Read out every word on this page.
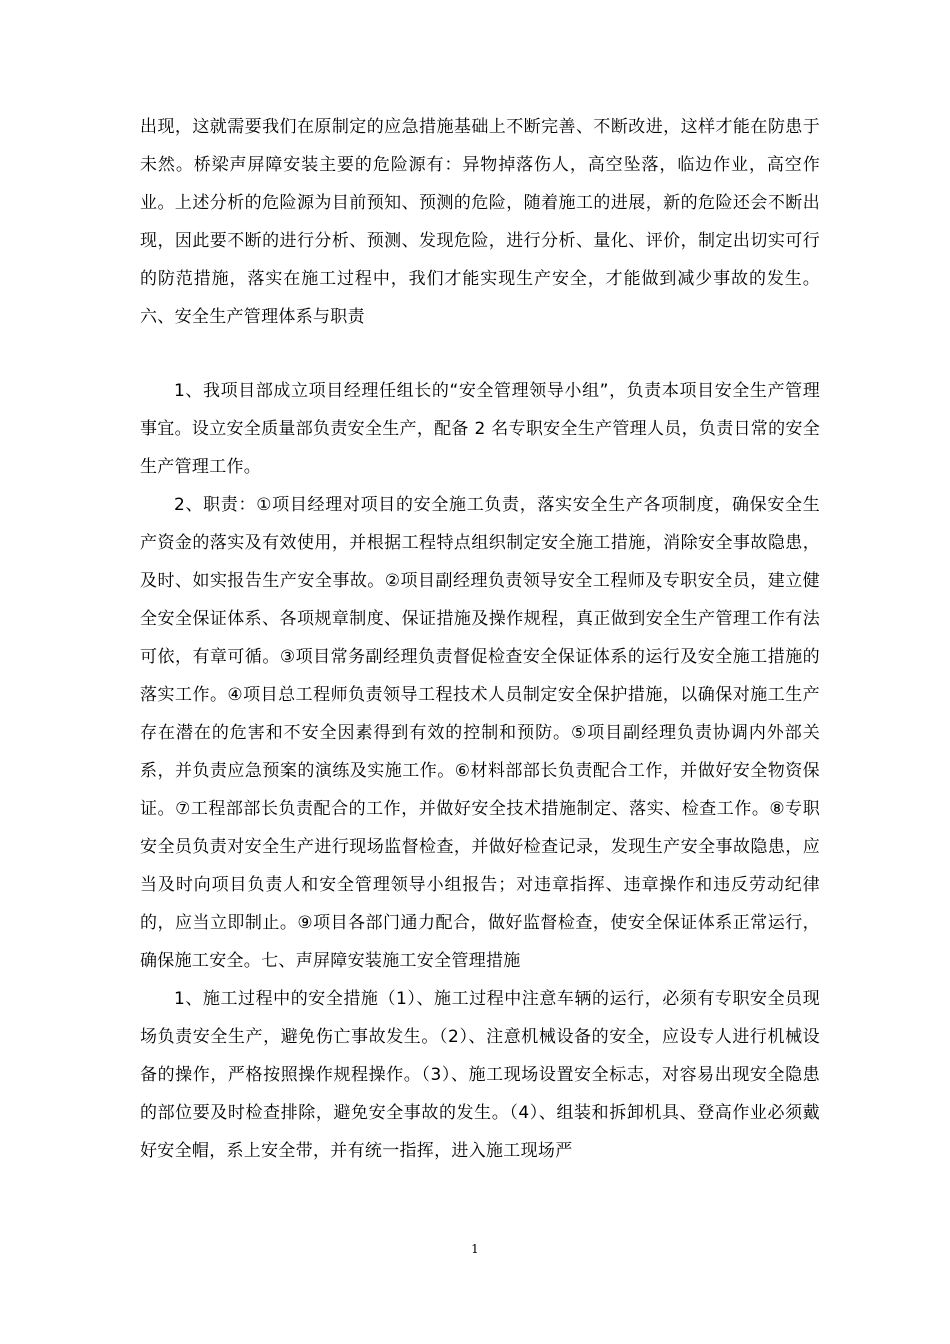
出现，这就需要我们在原制定的应急措施基础上不断完善、不断改进，这样才能在防患于未然。桥梁声屏障安装主要的危险源有：异物掉落伤人，高空坠落，临边作业，高空作业。上述分析的危险源为目前预知、预测的危险，随着施工的进展，新的危险还会不断出现，因此要不断的进行分析、预测、发现危险，进行分析、量化、评价，制定出切实可行的防范措施，落实在施工过程中，我们才能实现生产安全，才能做到减少事故的发生。六、安全生产管理体系与职责

1、我项目部成立项目经理任组长的“安全管理领导小组”，负责本项目安全生产管理事宜。设立安全质量部负责安全生产，配备 2 名专职安全生产管理人员，负责日常的安全生产管理工作。

2、职责：①项目经理对项目的安全施工负责，落实安全生产各项制度，确保安全生产资金的落实及有效使用，并根据工程特点组织制定安全施工措施，消除安全事故隐患，及时、如实报告生产安全事故。②项目副经理负责领导安全工程师及专职安全员，建立健全安全保证体系、各项规章制度、保证措施及操作规程，真正做到安全生产管理工作有法可依，有章可循。③项目常务副经理负责督促检查安全保证体系的运行及安全施工措施的落实工作。④项目总工程师负责领导工程技术人员制定安全保护措施，以确保对施工生产存在潜在的危害和不安全因素得到有效的控制和预防。⑤项目副经理负责协调内外部关系，并负责应急预案的演练及实施工作。⑥材料部部长负责配合工作，并做好安全物资保证。⑦工程部部长负责配合的工作，并做好安全技术措施制定、落实、检查工作。⑧专职安全员负责对安全生产进行现场监督检查，并做好检查记录，发现生产安全事故隐患，应当及时向项目负责人和安全管理领导小组报告；对违章指挥、违章操作和违反劳动纪律的，应当立即制止。⑨项目各部门通力配合，做好监督检查，使安全保证体系正常运行，确保施工安全。七、声屏障安装施工安全管理措施

1、施工过程中的安全措施（1）、施工过程中注意车辆的运行，必须有专职安全员现场负责安全生产，避免伤亡事故发生。（2）、注意机械设备的安全，应设专人进行机械设备的操作，严格按照操作规程操作。（3）、施工现场设置安全标志，对容易出现安全隐患的部位要及时检查排除，避免安全事故的发生。（4）、组装和拆卸机具、登高作业必须戴好安全帽，系上安全带，并有统一指挥，进入施工现场严

1
